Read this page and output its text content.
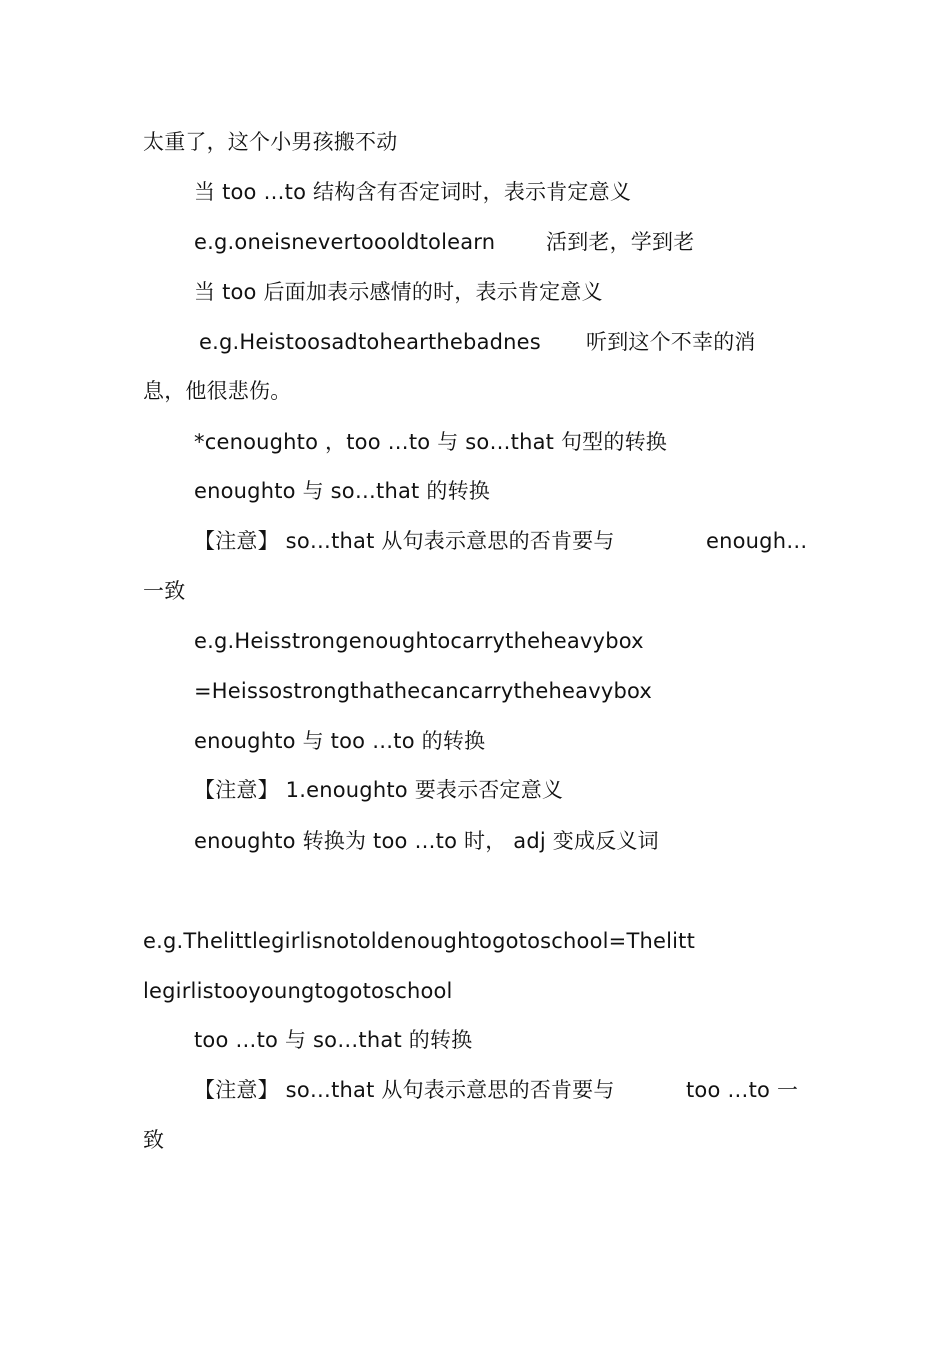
太重了，这个小男孩搬不动
当 too …to 结构含有否定词时，表示肯定意义
e.g.oneisnevertoooldtolearn 活到老，学到老
当 too 后面加表示感情的时，表示肯定意义
e.g.Heistoosadtohearthebadnes 听到这个不幸的消
息，他很悲伤。
*cenoughto ，too …to 与 so…that 句型的转换
enoughto 与 so…that 的转换
【注意】 so…that 从句表示意思的否肯要与	enough…
一致
e.g.Heisstrongenoughtocarrytheheavybox
=Heissostrongthathecancarrytheheavybox
enoughto 与 too …to 的转换
【注意】 1.enoughto 要表示否定意义
enoughto 转换为 too …to 时， adj 变成反义词
e.g.Thelittlegirlisnotoldenoughtogotoschool=Thelitt
legirlistooyoungtogotoschool
too …to 与 so…that 的转换
【注意】 so…that 从句表示意思的否肯要与	too …to 一
致
